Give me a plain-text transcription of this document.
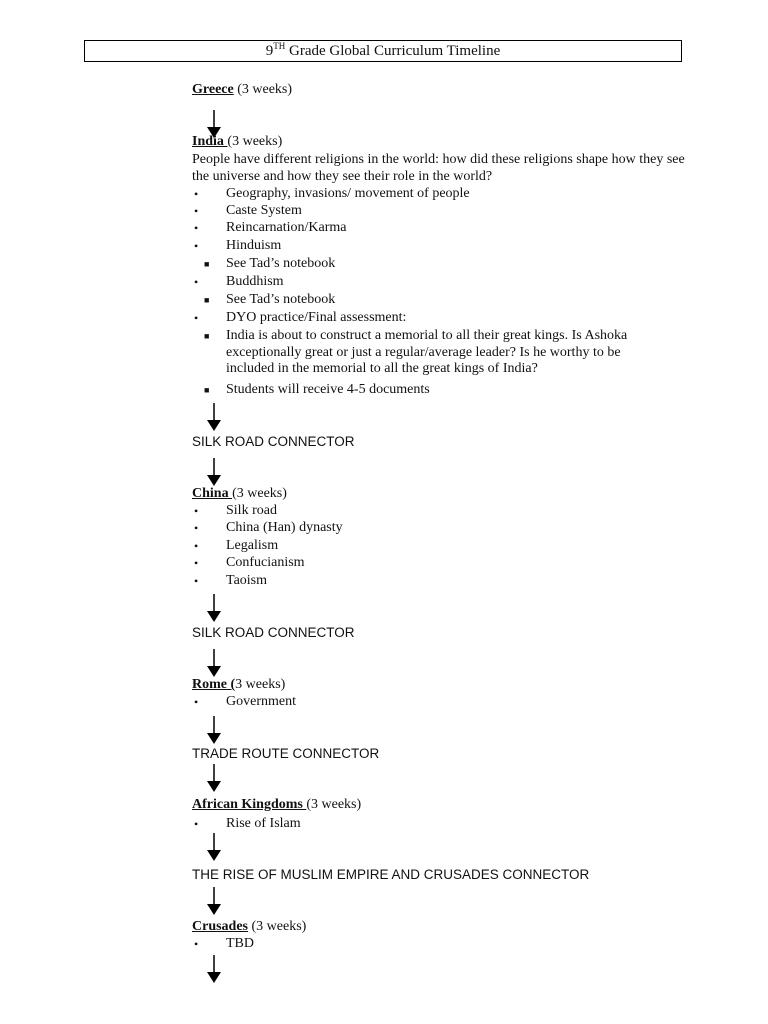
9TH Grade Global Curriculum Timeline
Greece (3 weeks)
India (3 weeks)
People have different religions in the world: how did these religions shape how they see the universe and how they see their role in the world?
• Geography, invasions/ movement of people
• Caste System
• Reincarnation/Karma
• Hinduism
■ See Tad’s notebook
• Buddhism
■ See Tad’s notebook
• DYO practice/Final assessment:
■ India is about to construct a memorial to all their great kings. Is Ashoka exceptionally great or just a regular/average leader? Is he worthy to be included in the memorial to all the great kings of India?
■ Students will receive 4-5 documents
SILK ROAD CONNECTOR
China (3 weeks)
• Silk road
• China (Han) dynasty
• Legalism
• Confucianism
• Taoism
SILK ROAD CONNECTOR
Rome (3 weeks)
• Government
TRADE ROUTE CONNECTOR
African Kingdoms (3 weeks)
• Rise of Islam
THE RISE OF MUSLIM EMPIRE AND CRUSADES CONNECTOR
Crusades (3 weeks)
• TBD
